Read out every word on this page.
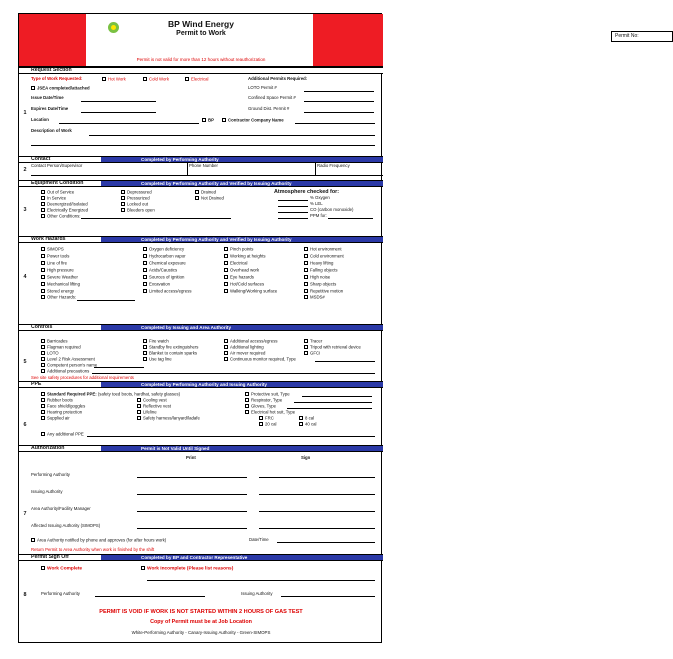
Permit No:
BP Wind Energy
Permit to Work
Permit is not valid for more than 12 hours without reauthorization
Request Section
1
Type of Work Requested:	Hot Work	Cold Work	Electrical	Additional Permits Required:
JSEA completed/attached	LOTO Permit #
Issue Date/Time	Confined Space Permit #
Expires Date/Time	Ground Dist. Permit #
Location	BP	Contractor Company Name
Description of Work
Contact	Completed by Performing Authority
2
Contact Person/Supervisor	Phone Number	Radio Frequency
Equipment Condition	Completed by Performing Authority and Verified by Issuing Authority
3
Out of Service
In Service
Deenergized/Isolated
Electrically Energized
Other Conditions:
Depressured
Pressurized
Locked out
Bleeders open
Drained
Not Drained
Atmosphere checked for:
% Oxygen
% LEL
CO (carbon monoxide)
PPM for:
Work Hazards	Completed by Performing Authority and Verified by Issuing Authority
4
SIMOPS
Power tools
Line of fire
High pressure
Severe Weather
Mechanical lifting
Stored energy
Other Hazards:
Oxygen deficiency
Hydrocarbon vapor
Chemical exposure
Acids/Caustics
Sources of ignition
Excavation
Limited access/egress
Pinch points
Working at heights
Electrical
Overhead work
Eye hazards
Hot/Cold surfaces
Walking/Working surface
Hot environment
Cold environment
Heavy lifting
Falling objects
High noise
Sharp objects
Repetitive motion
MSDS#
Controls	Completed by Issuing and Area Authority
5
Barricades
Flagman required
LOTO
Level 2 Risk Assessment
Competent person's name
Additional precautions
Fire watch
Standby fire extinguishers
Blanket to contain sparks
Use tag line
Additional access/egress
Additional lighting
Air mover required
Continuous monitor required, Type
Tracer
Tripod with retrieval device
GFCI
See site safety procedures for additional requirements
PPE	Completed by Performing Authority and Issuing Authority
6
Standard Required PPE: (safety toed boots, hardhat, safety glasses)
Rubber boots
Face shield/goggles
Hearing protection
Supplied air
Cooling vest
Reflective vest
Lifeline
Safety harness/lanyard/ladafe
Protective suit, Type
Respirator, Type
Gloves, Type
Electrical hot suit, Type
FRC	8 cal
20 cal	40 cal
Any additional PPE
Authorization	Permit is Not Valid Until Signed
7
Print	Sign
Performing Authority
Issuing Authority
Area Authority/Facility Manager
Affected Issuing Authority (SIMOPS)
Area Authority notified by phone and approves (for after hours work)	Date/Time
Return Permit to Area Authority when work is finished by the shift
Permit Sign Off	Completed by BP and Contractor Representative
8
Work Complete	Work Incomplete (Please list reasons)
Performing Authority	Issuing Authority
PERMIT IS VOID IF WORK IS NOT STARTED WITHIN 2 HOURS OF GAS TEST
Copy of Permit must be at Job Location
White-Performing Authority - Canary-Issuing Authority - Green-SIMOPS
